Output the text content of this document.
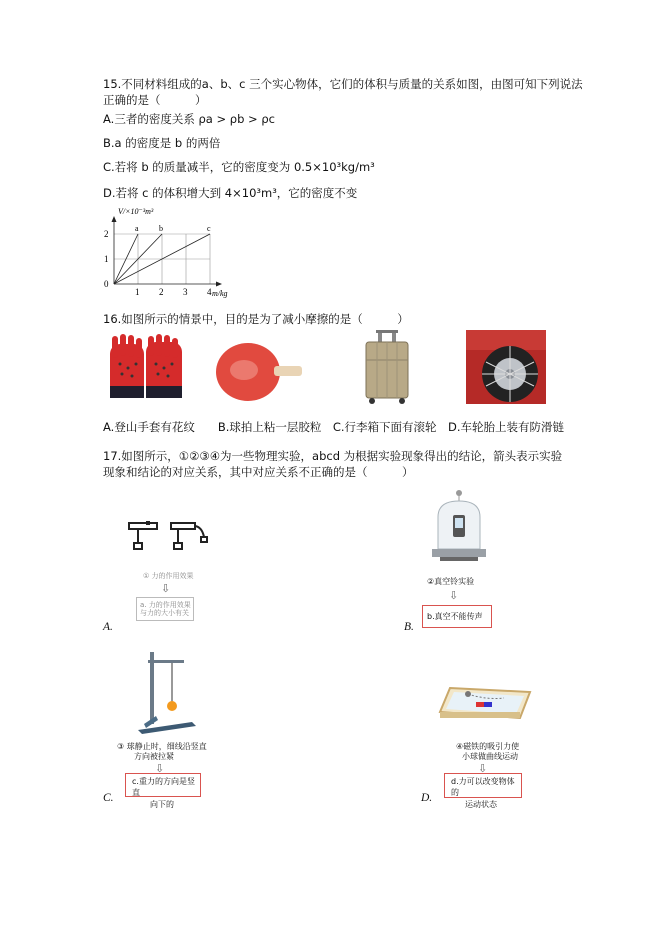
15.不同材料组成的a、b、c 三个实心物体，它们的体积与质量的关系如图，由图可知下列说法
正确的是（　　　）
A.三者的密度关系 ρa > ρb > ρc
B.a 的密度是 b 的两倍
C.若将 b 的质量减半，它的密度变为 0.5×10³kg/m³
D.若将 c 的体积增大到 4×10³m³，它的密度不变
1 2 3 4
1
2
0
V/×10⁻³m³
m/kg
a	b	c
16.如图所示的情景中，目的是为了减小摩擦的是（　　　）
A.登山手套有花纹　　B.球拍上粘一层胶粒　C.行李箱下面有滚轮　D.车轮胎上装有防滑链
17.如图所示，①②③④为一些物理实验，abcd 为根据实验现象得出的结论，箭头表示实验
现象和结论的对应关系，其中对应关系不正确的是（　　　）
① 力的作用效果
⇩
a. 力的作用效果与力的大小有关
A.
②真空铃实验
⇩
b.真空不能传声
B.
③ 球静止时，细线沿竖直
方向被拉紧
⇩
c.重力的方向是竖直
向下的
C.
④磁铁的吸引力使
小球做曲线运动
⇩
d.力可以改变物体的
运动状态
D.
